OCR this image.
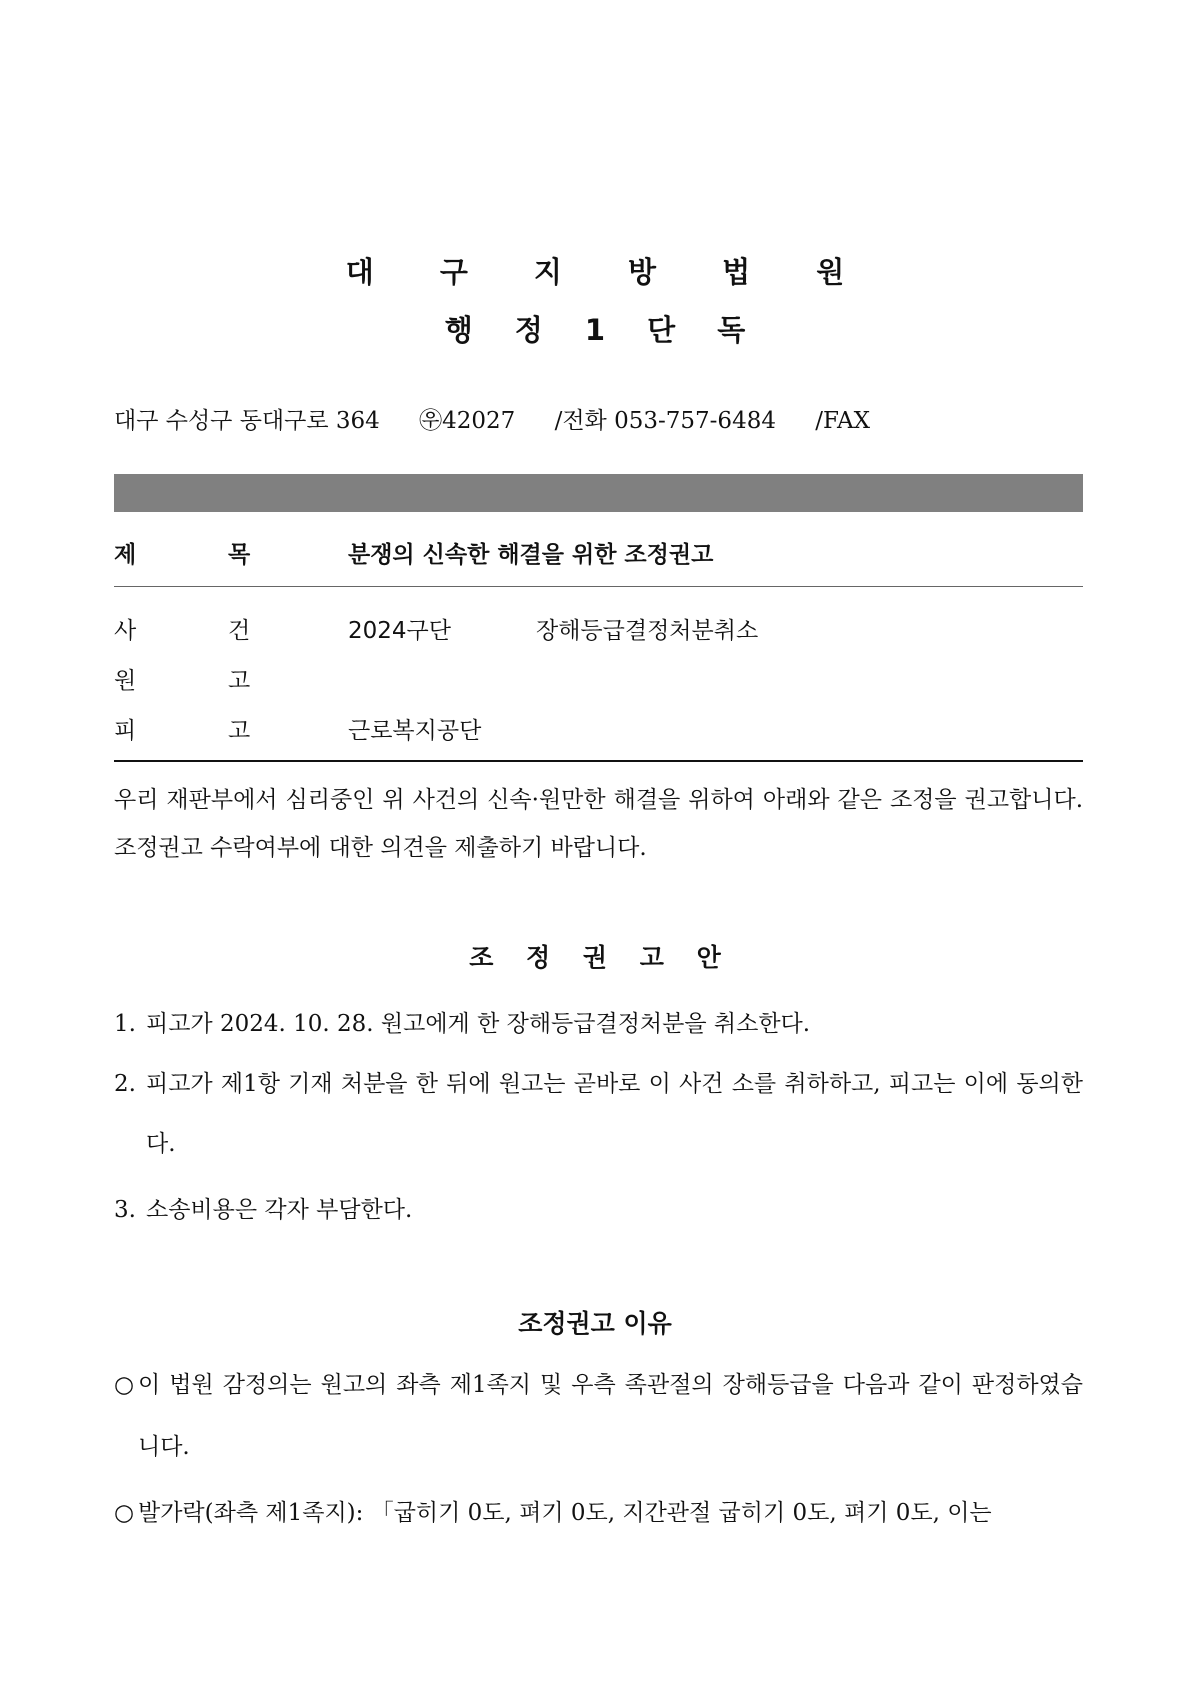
대 구 지 방 법 원
행 정 1 단 독
대구 수성구 동대구로 364 ㉾42027 /전화 053-757-6484 /FAX
제	목	분쟁의 신속한 해결을 위한 조정권고
사	건	2024구단	장해등급결정처분취소
원	고
피	고	근로복지공단
우리 재판부에서 심리중인 위 사건의 신속·원만한 해결을 위하여 아래와 같은 조정을 권고합니다. 조정권고 수락여부에 대한 의견을 제출하기 바랍니다.
조 정 권 고 안
1. 피고가 2024. 10. 28. 원고에게 한 장해등급결정처분을 취소한다.
2. 피고가 제1항 기재 처분을 한 뒤에 원고는 곧바로 이 사건 소를 취하하고, 피고는 이에 동의한다.
3. 소송비용은 각자 부담한다.
조정권고 이유
○ 이 법원 감정의는 원고의 좌측 제1족지 및 우측 족관절의 장해등급을 다음과 같이 판정하였습니다.
○ 발가락(좌측 제1족지): 「굽히기 0도, 펴기 0도, 지간관절 굽히기 0도, 펴기 0도, 이는
